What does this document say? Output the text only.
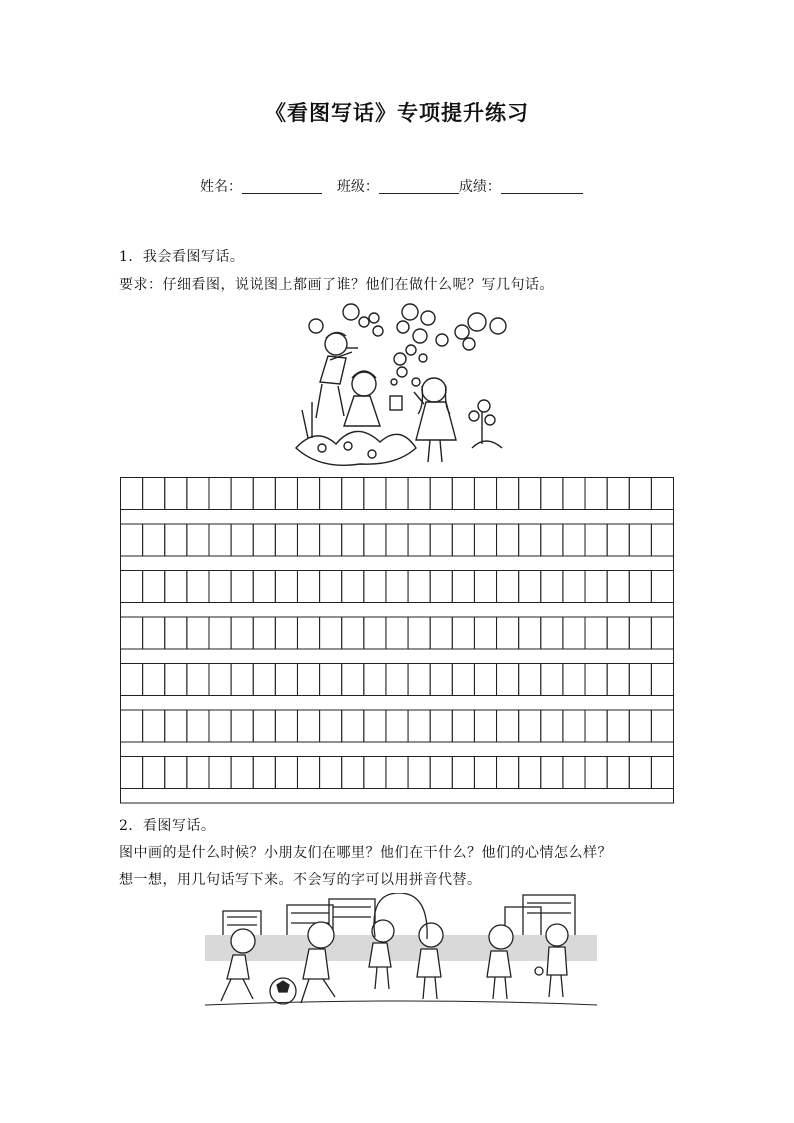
《看图写话》专项提升练习
姓名：	班级：	成绩：
1．我会看图写话。
要求：仔细看图，说说图上都画了谁？他们在做什么呢？写几句话。
2．看图写话。
图中画的是什么时候？小朋友们在哪里？他们在干什么？他们的心情怎么样？
想一想，用几句话写下来。不会写的字可以用拼音代替。
